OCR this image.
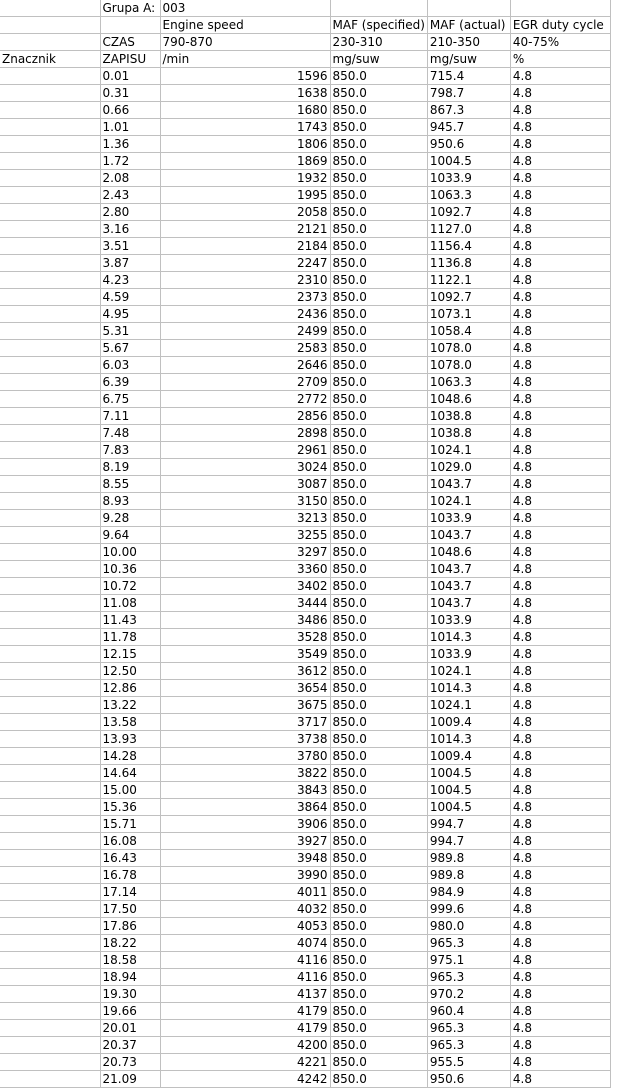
	Grupa A:	003			
		Engine speed	MAF (specified)	MAF (actual)	EGR duty cycle
	CZAS	790-870	230-310	210-350	40-75%
Znacznik	ZAPISU	/min	mg/suw	mg/suw	%
	0.01	1596	850.0	715.4	4.8
	0.31	1638	850.0	798.7	4.8
	0.66	1680	850.0	867.3	4.8
	1.01	1743	850.0	945.7	4.8
	1.36	1806	850.0	950.6	4.8
	1.72	1869	850.0	1004.5	4.8
	2.08	1932	850.0	1033.9	4.8
	2.43	1995	850.0	1063.3	4.8
	2.80	2058	850.0	1092.7	4.8
	3.16	2121	850.0	1127.0	4.8
	3.51	2184	850.0	1156.4	4.8
	3.87	2247	850.0	1136.8	4.8
	4.23	2310	850.0	1122.1	4.8
	4.59	2373	850.0	1092.7	4.8
	4.95	2436	850.0	1073.1	4.8
	5.31	2499	850.0	1058.4	4.8
	5.67	2583	850.0	1078.0	4.8
	6.03	2646	850.0	1078.0	4.8
	6.39	2709	850.0	1063.3	4.8
	6.75	2772	850.0	1048.6	4.8
	7.11	2856	850.0	1038.8	4.8
	7.48	2898	850.0	1038.8	4.8
	7.83	2961	850.0	1024.1	4.8
	8.19	3024	850.0	1029.0	4.8
	8.55	3087	850.0	1043.7	4.8
	8.93	3150	850.0	1024.1	4.8
	9.28	3213	850.0	1033.9	4.8
	9.64	3255	850.0	1043.7	4.8
	10.00	3297	850.0	1048.6	4.8
	10.36	3360	850.0	1043.7	4.8
	10.72	3402	850.0	1043.7	4.8
	11.08	3444	850.0	1043.7	4.8
	11.43	3486	850.0	1033.9	4.8
	11.78	3528	850.0	1014.3	4.8
	12.15	3549	850.0	1033.9	4.8
	12.50	3612	850.0	1024.1	4.8
	12.86	3654	850.0	1014.3	4.8
	13.22	3675	850.0	1024.1	4.8
	13.58	3717	850.0	1009.4	4.8
	13.93	3738	850.0	1014.3	4.8
	14.28	3780	850.0	1009.4	4.8
	14.64	3822	850.0	1004.5	4.8
	15.00	3843	850.0	1004.5	4.8
	15.36	3864	850.0	1004.5	4.8
	15.71	3906	850.0	994.7	4.8
	16.08	3927	850.0	994.7	4.8
	16.43	3948	850.0	989.8	4.8
	16.78	3990	850.0	989.8	4.8
	17.14	4011	850.0	984.9	4.8
	17.50	4032	850.0	999.6	4.8
	17.86	4053	850.0	980.0	4.8
	18.22	4074	850.0	965.3	4.8
	18.58	4116	850.0	975.1	4.8
	18.94	4116	850.0	965.3	4.8
	19.30	4137	850.0	970.2	4.8
	19.66	4179	850.0	960.4	4.8
	20.01	4179	850.0	965.3	4.8
	20.37	4200	850.0	965.3	4.8
	20.73	4221	850.0	955.5	4.8
	21.09	4242	850.0	950.6	4.8
